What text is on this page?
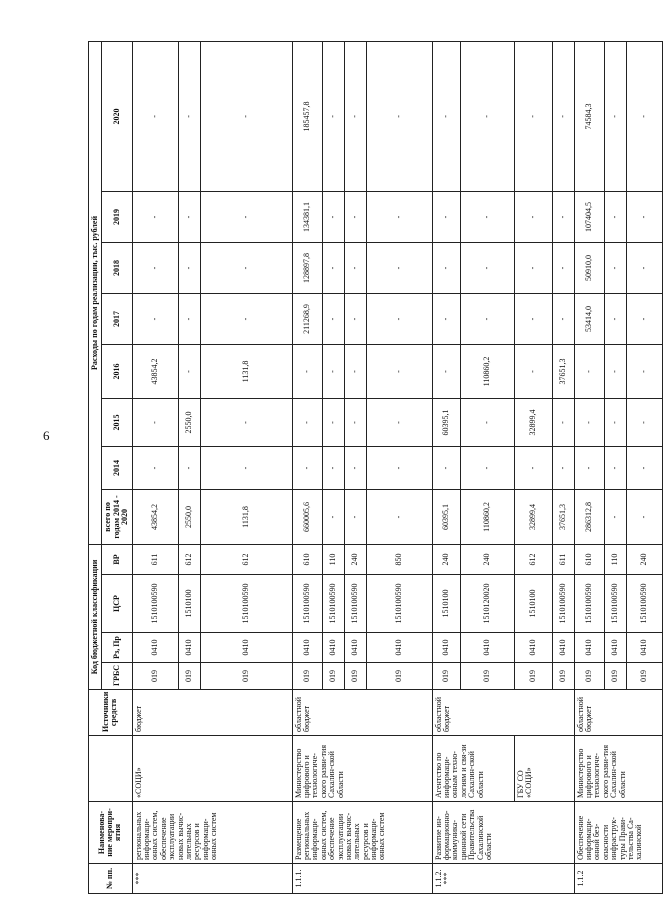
6
№ пп.	Наименова-ние меропри-ятия		Источники средств	Код бюджетной классификации				Расходы по годам реализации, тыс. рублей							
				ГРБС	Рз, Пр	ЦСР	ВР	всего по годам 2014 - 2020	2014	2015	2016	2017	2018	2019	2020
***	региональных информаци-онных систем, обеспечение эксплуатации новых вычис-лительных ресурсов и информаци-онных систем	«СОЦИ»	бюджет	019	0410	1510100590	611	43854,2	-	-	43854,2	-	-	-	-
				019	0410	1510100	612	2550,0	-	2550,0	-	-	-	-	-
				019	0410	1510100590	612	1131,8	-	-	1131,8	-	-	-	-
1.1.1.	Размещение региональных информаци-онных систем, обеспечение эксплуатации новых вычис-лительных ресурсов и информаци-онных систем	Министерство цифрового и технологиче-ского разви-тия Сахалин-ской области	областной бюджет	019	0410	1510100590	610	660005,6	-	-	-	211268,9	128897,8	134381,1	185457,8
				019	0410	1510100590	110	-	-	-	-	-	-	-	-
				019	0410	1510100590	240	-	-	-	-	-	-	-	-
				019	0410	1510100590	850	-	-	-	-	-	-	-	-
1.1.2. ***	Развитие ин-формационно-коммуника-ционной сети Правительства Сахалинской области	Агентство по информаци-онным техно-логиям и свя-зи Сахалин-ской области	областной бюджет	019	0410	1510100	240	60395,1	-	60395,1	-	-	-	-	-
				019	0410	1510120020	240	110860,2	-	-	110860,2	-	-	-	-
		ГБУ СО «СОЦИ»		019	0410	1510100	612	32899,4	-	32899,4	-	-	-	-	-
				019	0410	1510100590	611	37651,3	-	-	37651,3	-	-	-	-
1.1.2	Обеспечение информаци-онной без-опасности инфраструк-туры Прави-тельства Са-халинской	Министерство цифрового и технологиче-ского разви-тия Сахалин-ской области	областной бюджет	019	0410	1510100590	610	286312,8	-	-	-	53414,0	50910,0	107404,5	74584,3
				019	0410	1510100590	110	-	-	-	-	-	-	-	-
				019	0410	1510100590	240	-	-	-	-	-	-	-	-
